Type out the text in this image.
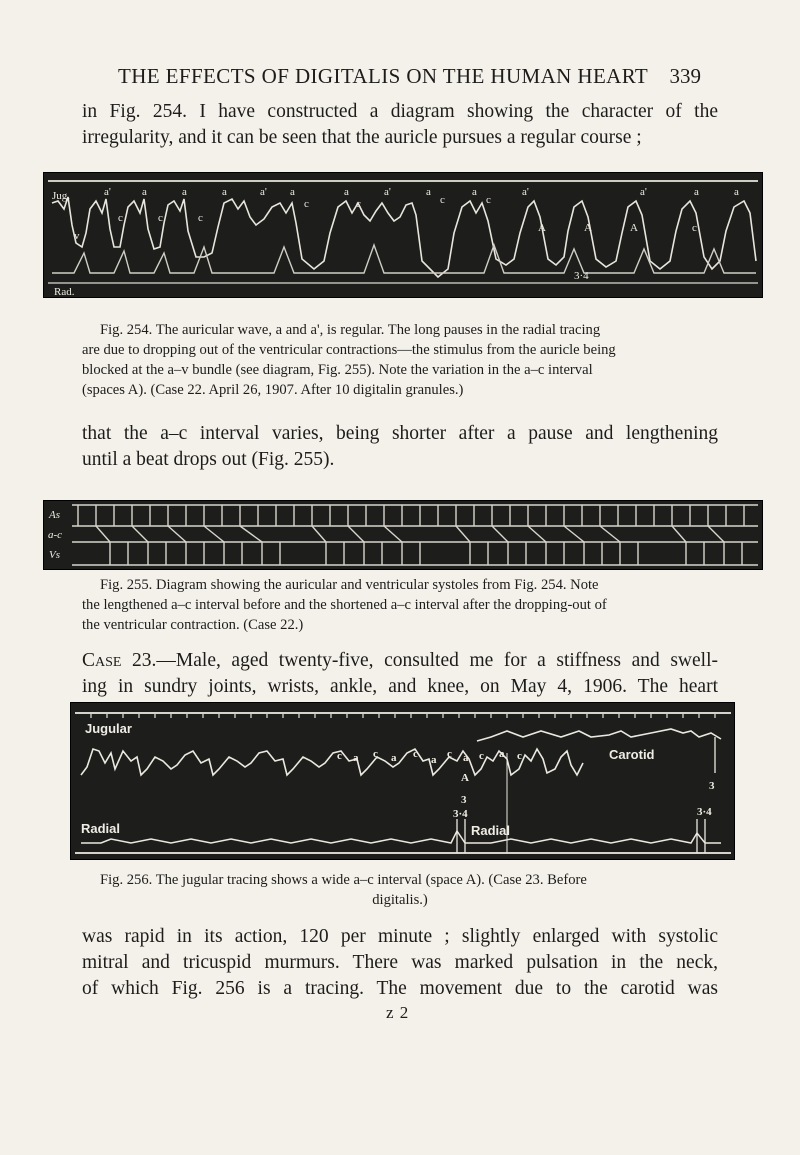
THE EFFECTS OF DIGITALIS ON THE HUMAN HEART 339
in Fig. 254. I have constructed a diagram showing the character of the
irregularity, and it can be seen that the auricle pursues a regular course ;
Jug.
Rad.
a'	a	a	a	a' a
c
a
c
a'	a
c
a
c
a'	a'	a	a
c	c	c
v
A	A	A	c
3·4
Fig. 254. The auricular wave, a and a', is regular. The long pauses in the radial tracing
are due to dropping out of the ventricular contractions—the stimulus from the auricle being
blocked at the a–v bundle (see diagram, Fig. 255). Note the variation in the a–c interval
(spaces A). (Case 22. April 26, 1907. After 10 digitalin granules.)
that the a–c interval varies, being shorter after a pause and lengthening
until a beat drops out (Fig. 255).
As
a-c
Vs
Fig. 255. Diagram showing the auricular and ventricular systoles from Fig. 254. Note
the lengthened a–c interval before and the shortened a–c interval after the dropping-out of
the ventricular contraction. (Case 22.)
Case 23.—Male, aged twenty-five, consulted me for a stiffness and swell-
ing in sundry joints, wrists, ankle, and knee, on May 4, 1906. The heart
Jugular
Radial	Radial
Carotid
c a c a c a c a c a c
A
3
3·4
3
3·4
Fig. 256. The jugular tracing shows a wide a–c interval (space A). (Case 23. Before
digitalis.)
was rapid in its action, 120 per minute ; slightly enlarged with systolic
mitral and tricuspid murmurs. There was marked pulsation in the neck,
of which Fig. 256 is a tracing. The movement due to the carotid was
z 2
